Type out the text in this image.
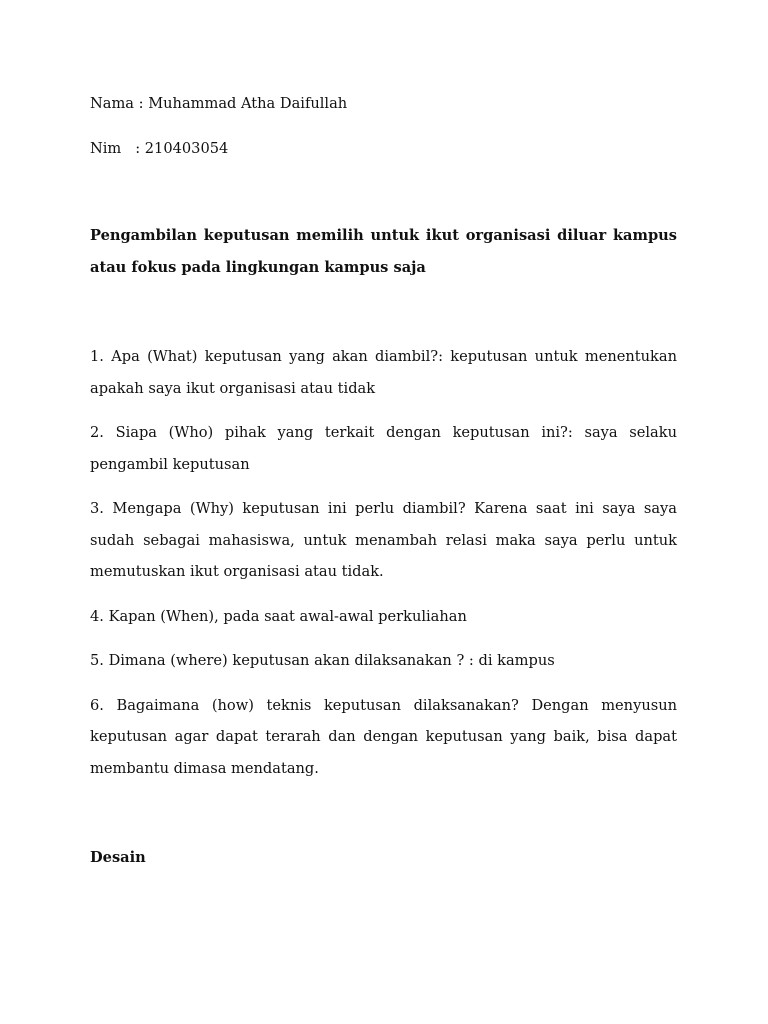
Nama : Muhammad Atha Daifullah

Nim   : 210403054

Pengambilan keputusan memilih untuk ikut organisasi diluar kampus atau fokus pada lingkungan kampus saja

1. Apa (What) keputusan yang akan diambil?: keputusan untuk menentukan apakah saya ikut organisasi atau tidak

2. Siapa (Who) pihak yang terkait dengan keputusan ini?: saya selaku pengambil keputusan

3. Mengapa (Why) keputusan ini perlu diambil? Karena saat ini saya saya sudah sebagai mahasiswa, untuk menambah relasi maka saya perlu untuk memutuskan ikut organisasi atau tidak.

4. Kapan (When), pada saat awal-awal perkuliahan

5. Dimana (where) keputusan akan dilaksanakan ? : di kampus

6. Bagaimana (how) teknis keputusan dilaksanakan? Dengan menyusun keputusan agar dapat terarah dan dengan keputusan yang baik, bisa dapat membantu dimasa mendatang.

Desain
